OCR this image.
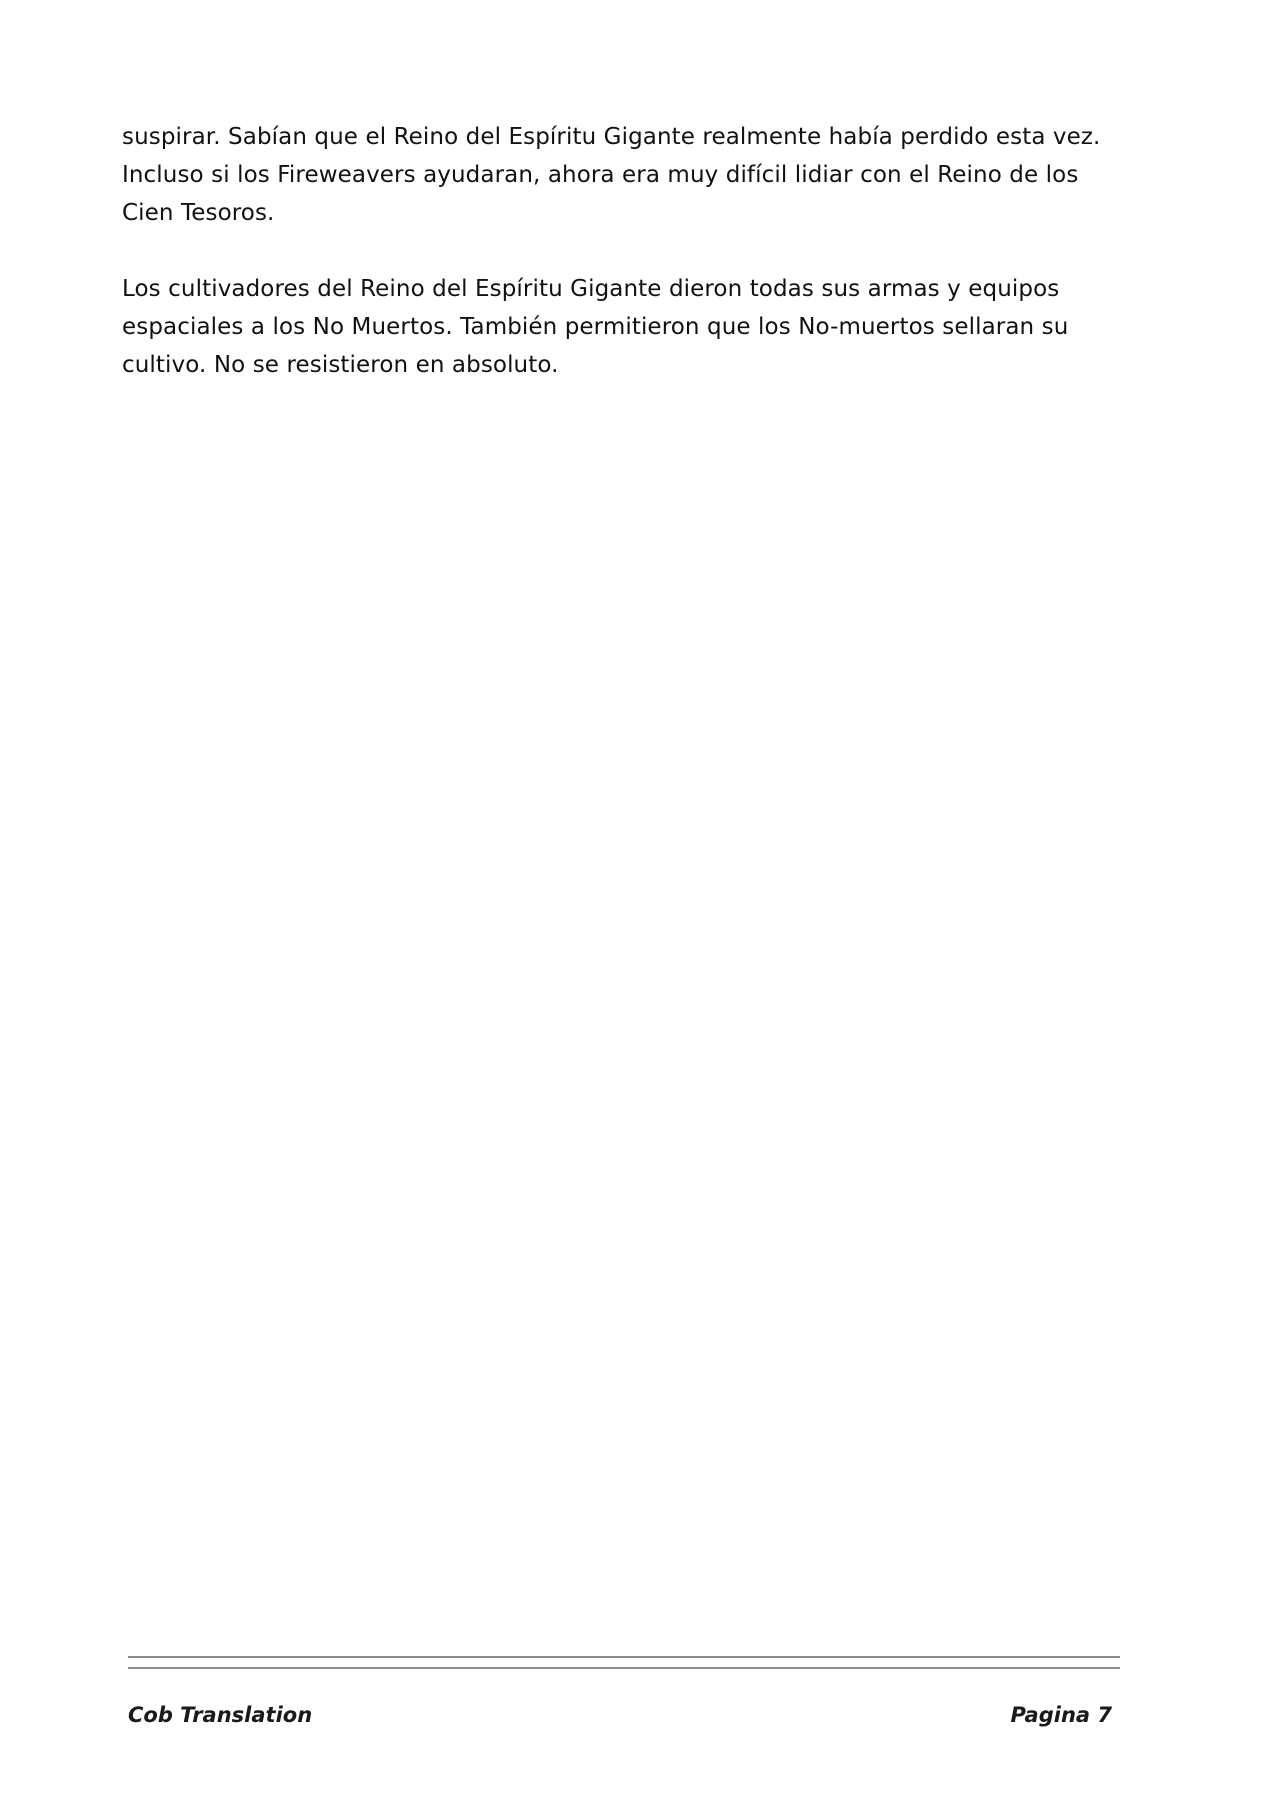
suspirar. Sabían que el Reino del Espíritu Gigante realmente había perdido esta vez. Incluso si los Fireweavers ayudaran, ahora era muy difícil lidiar con el Reino de los Cien Tesoros.

Los cultivadores del Reino del Espíritu Gigante dieron todas sus armas y equipos espaciales a los No Muertos. También permitieron que los No-muertos sellaran su cultivo. No se resistieron en absoluto.

Cob Translation	Pagina 7
